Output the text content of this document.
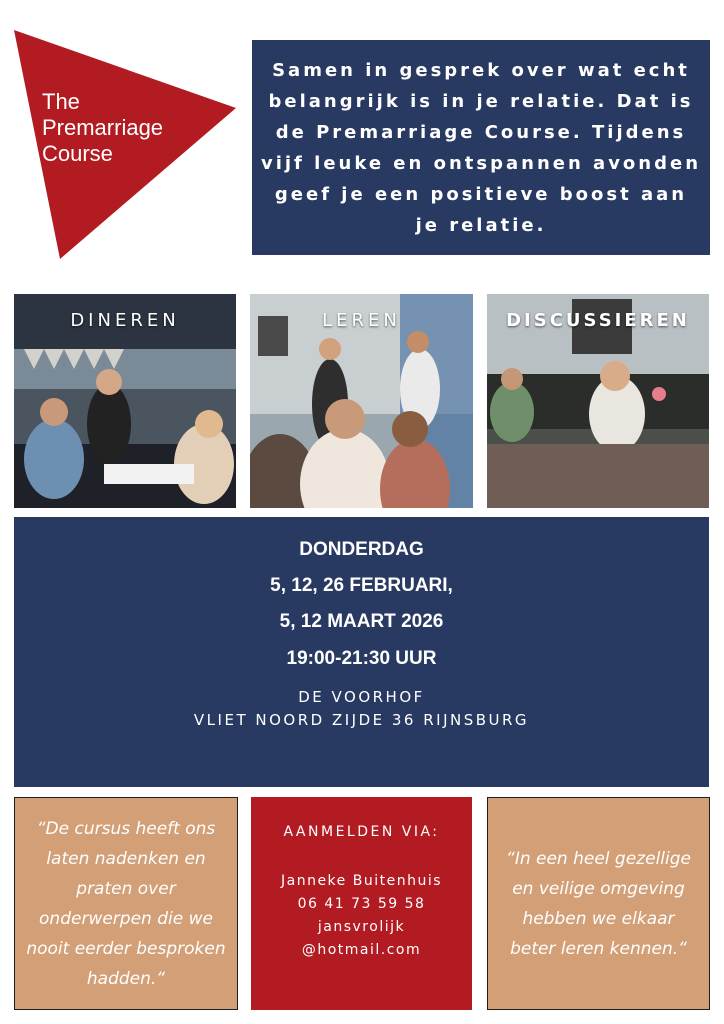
The
Premarriage
Course

Samen in gesprek over wat echt belangrijk is in je relatie. Dat is de Premarriage Course. Tijdens vijf leuke en ontspannen avonden geef je een positieve boost aan je relatie.

DINEREN	LEREN	DISCUSSIEREN
DONDERDAG
5, 12, 26 FEBRUARI,
5, 12 MAART 2026
19:00-21:30 UUR
DE VOORHOF
VLIET NOORD ZIJDE 36 RIJNSBURG

“De cursus heeft ons laten nadenken en praten over onderwerpen die we nooit eerder besproken hadden.“

AANMELDEN VIA:
Janneke Buitenhuis
06 41 73 59 58
jansvrolijk
@hotmail.com

“In een heel gezellige en veilige omgeving hebben we elkaar beter leren kennen.“
